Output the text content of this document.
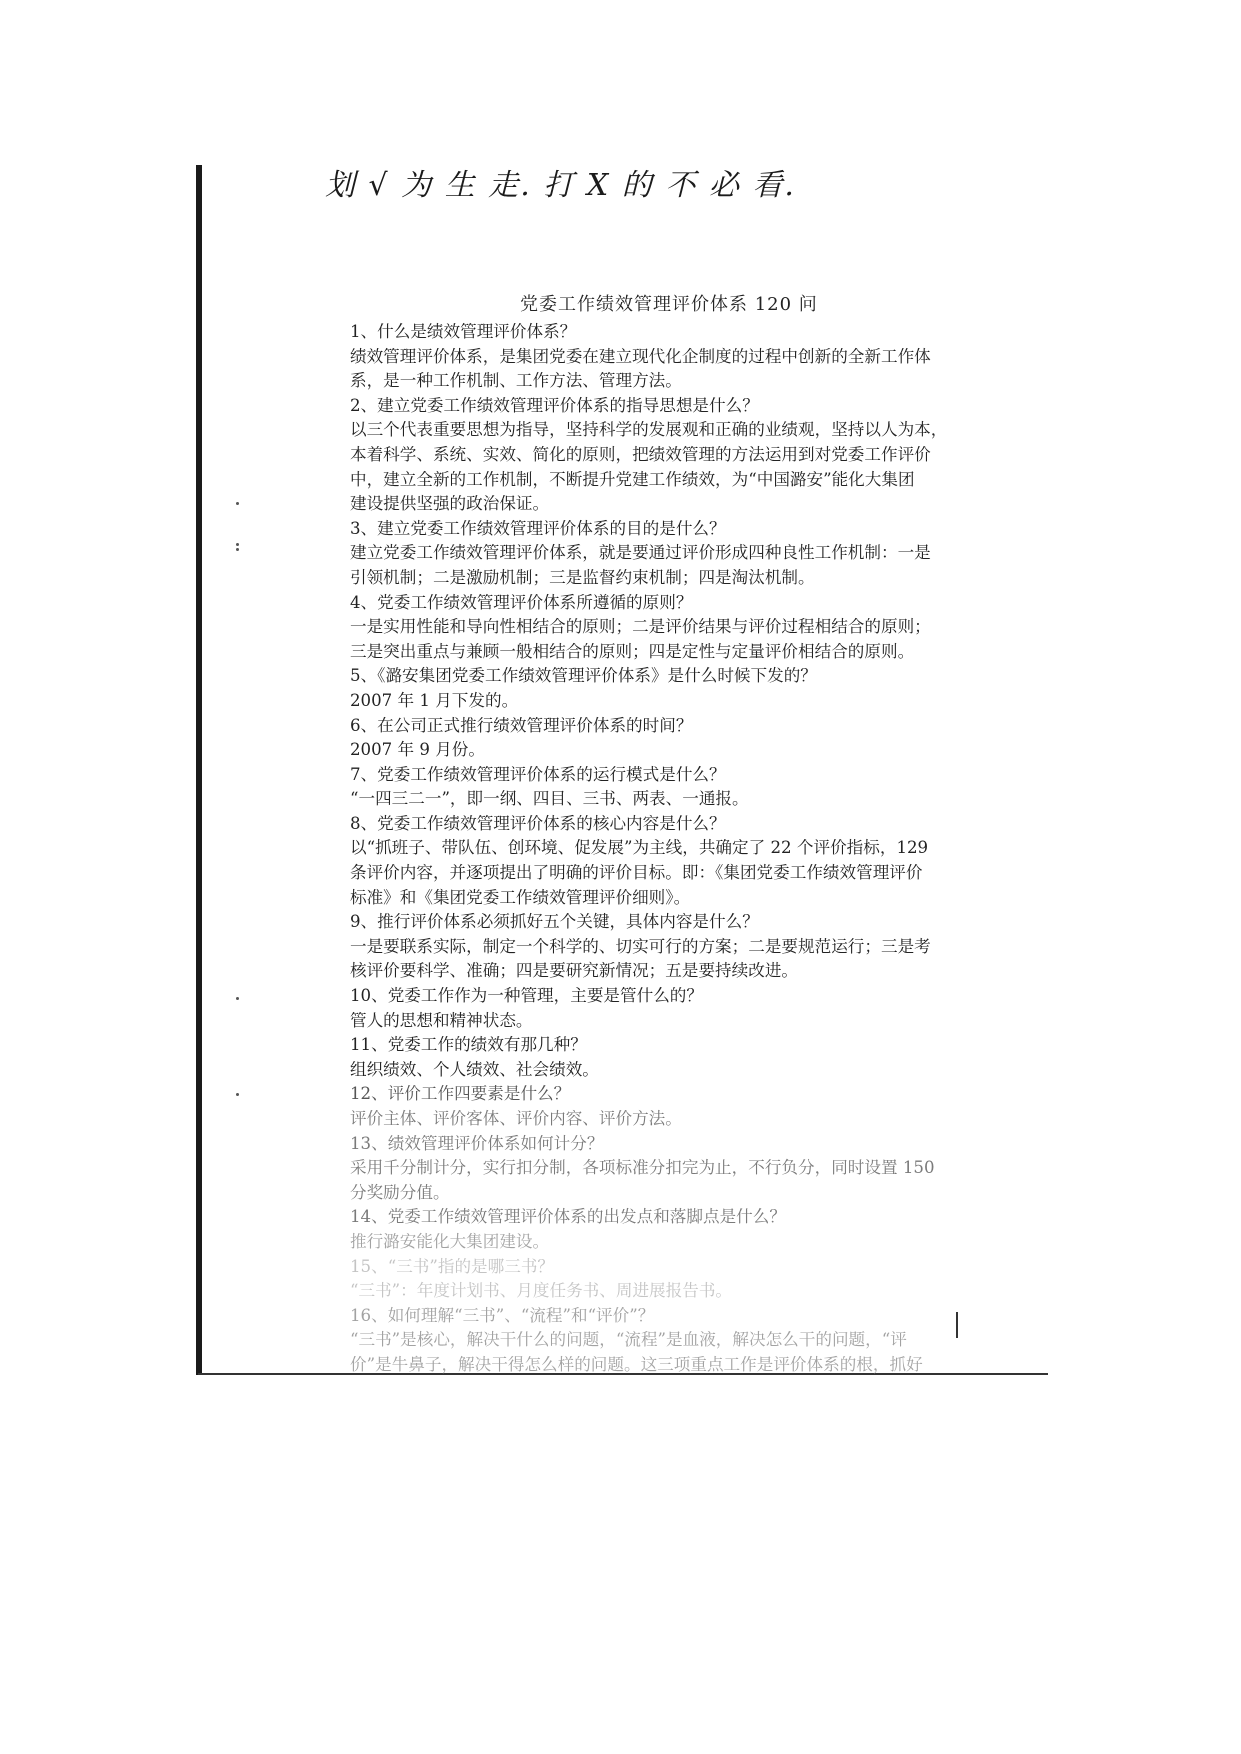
划 √ 为 生 走. 打 X 的 不 必 看.
党委工作绩效管理评价体系 120 问
1、什么是绩效管理评价体系？
绩效管理评价体系，是集团党委在建立现代化企制度的过程中创新的全新工作体
系，是一种工作机制、工作方法、管理方法。
2、建立党委工作绩效管理评价体系的指导思想是什么？
以三个代表重要思想为指导，坚持科学的发展观和正确的业绩观，坚持以人为本，
本着科学、系统、实效、简化的原则，把绩效管理的方法运用到对党委工作评价
中，建立全新的工作机制，不断提升党建工作绩效，为“中国潞安”能化大集团
建设提供坚强的政治保证。
3、建立党委工作绩效管理评价体系的目的是什么？
建立党委工作绩效管理评价体系，就是要通过评价形成四种良性工作机制：一是
引领机制；二是激励机制；三是监督约束机制；四是淘汰机制。
4、党委工作绩效管理评价体系所遵循的原则？
一是实用性能和导向性相结合的原则；二是评价结果与评价过程相结合的原则；
三是突出重点与兼顾一般相结合的原则；四是定性与定量评价相结合的原则。
5、《潞安集团党委工作绩效管理评价体系》是什么时候下发的？
2007 年 1 月下发的。
6、在公司正式推行绩效管理评价体系的时间？
2007 年 9 月份。
7、党委工作绩效管理评价体系的运行模式是什么？
“一四三二一”，即一纲、四目、三书、两表、一通报。
8、党委工作绩效管理评价体系的核心内容是什么？
以“抓班子、带队伍、创环境、促发展”为主线，共确定了 22 个评价指标，129
条评价内容，并逐项提出了明确的评价目标。即：《集团党委工作绩效管理评价
标准》和《集团党委工作绩效管理评价细则》。
9、推行评价体系必须抓好五个关键，具体内容是什么？
一是要联系实际，制定一个科学的、切实可行的方案；二是要规范运行；三是考
核评价要科学、准确；四是要研究新情况；五是要持续改进。
10、党委工作作为一种管理，主要是管什么的？
管人的思想和精神状态。
11、党委工作的绩效有那几种？
组织绩效、个人绩效、社会绩效。
12、评价工作四要素是什么？
评价主体、评价客体、评价内容、评价方法。
13、绩效管理评价体系如何计分？
采用千分制计分，实行扣分制，各项标准分扣完为止，不行负分，同时设置 150
分奖励分值。
14、党委工作绩效管理评价体系的出发点和落脚点是什么？
推行潞安能化大集团建设。
15、“三书”指的是哪三书？
“三书”：年度计划书、月度任务书、周进展报告书。
16、如何理解“三书”、“流程”和“评价”？
“三书”是核心，解决干什么的问题，“流程”是血液，解决怎么干的问题，“评
价”是牛鼻子，解决干得怎么样的问题。这三项重点工作是评价体系的根，抓好
